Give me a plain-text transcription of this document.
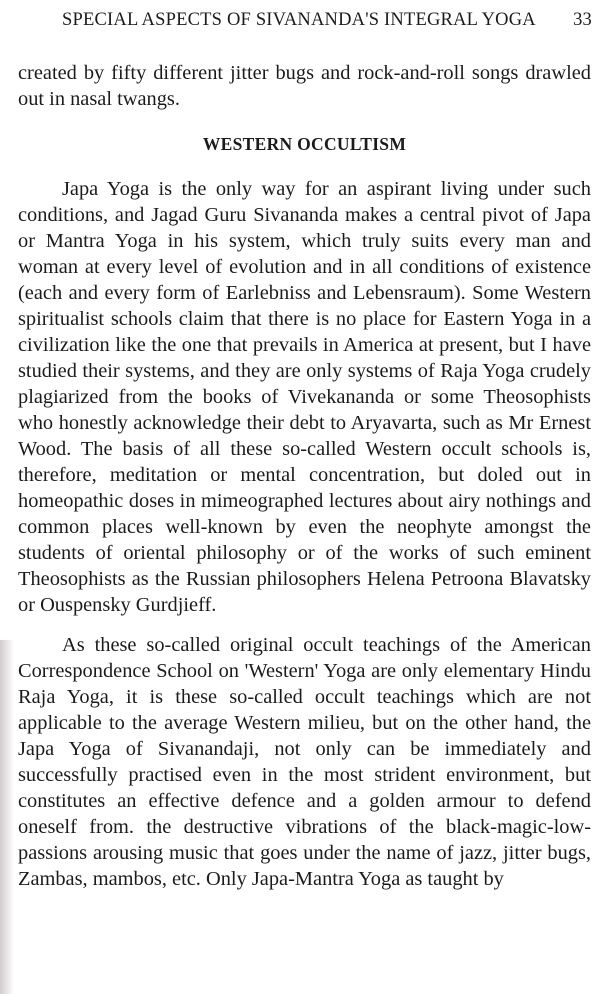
SPECIAL ASPECTS OF SIVANANDA'S INTEGRAL YOGA 33

created by fifty different jitter bugs and rock-and-roll songs drawled out in nasal twangs.

WESTERN OCCULTISM

Japa Yoga is the only way for an aspirant living under such conditions, and Jagad Guru Sivananda makes a central pivot of Japa or Mantra Yoga in his system, which truly suits every man and woman at every level of evolution and in all conditions of existence (each and every form of Earlebniss and Lebensraum). Some Western spiritualist schools claim that there is no place for Eastern Yoga in a civilization like the one that prevails in America at present, but I have studied their systems, and they are only systems of Raja Yoga crudely plagiarized from the books of Vivekananda or some Theosophists who honestly acknowledge their debt to Aryavarta, such as Mr Ernest Wood. The basis of all these so-called Western occult schools is, therefore, meditation or mental concentration, but doled out in homeopathic doses in mimeographed lectures about airy nothings and common places well-known by even the neophyte amongst the students of oriental philosophy or of the works of such eminent Theosophists as the Russian philosophers Helena Petroona Blavatsky or Ouspensky Gurdjieff.

As these so-called original occult teachings of the American Correspondence School on 'Western' Yoga are only elementary Hindu Raja Yoga, it is these so-called occult teachings which are not applicable to the average Western milieu, but on the other hand, the Japa Yoga of Sivanandaji, not only can be immediately and successfully practised even in the most strident environment, but constitutes an effective defence and a golden armour to defend oneself from. the destructive vibrations of the black-magic-low-passions arousing music that goes under the name of jazz, jitter bugs, Zambas, mambos, etc. Only Japa-Mantra Yoga as taught by
